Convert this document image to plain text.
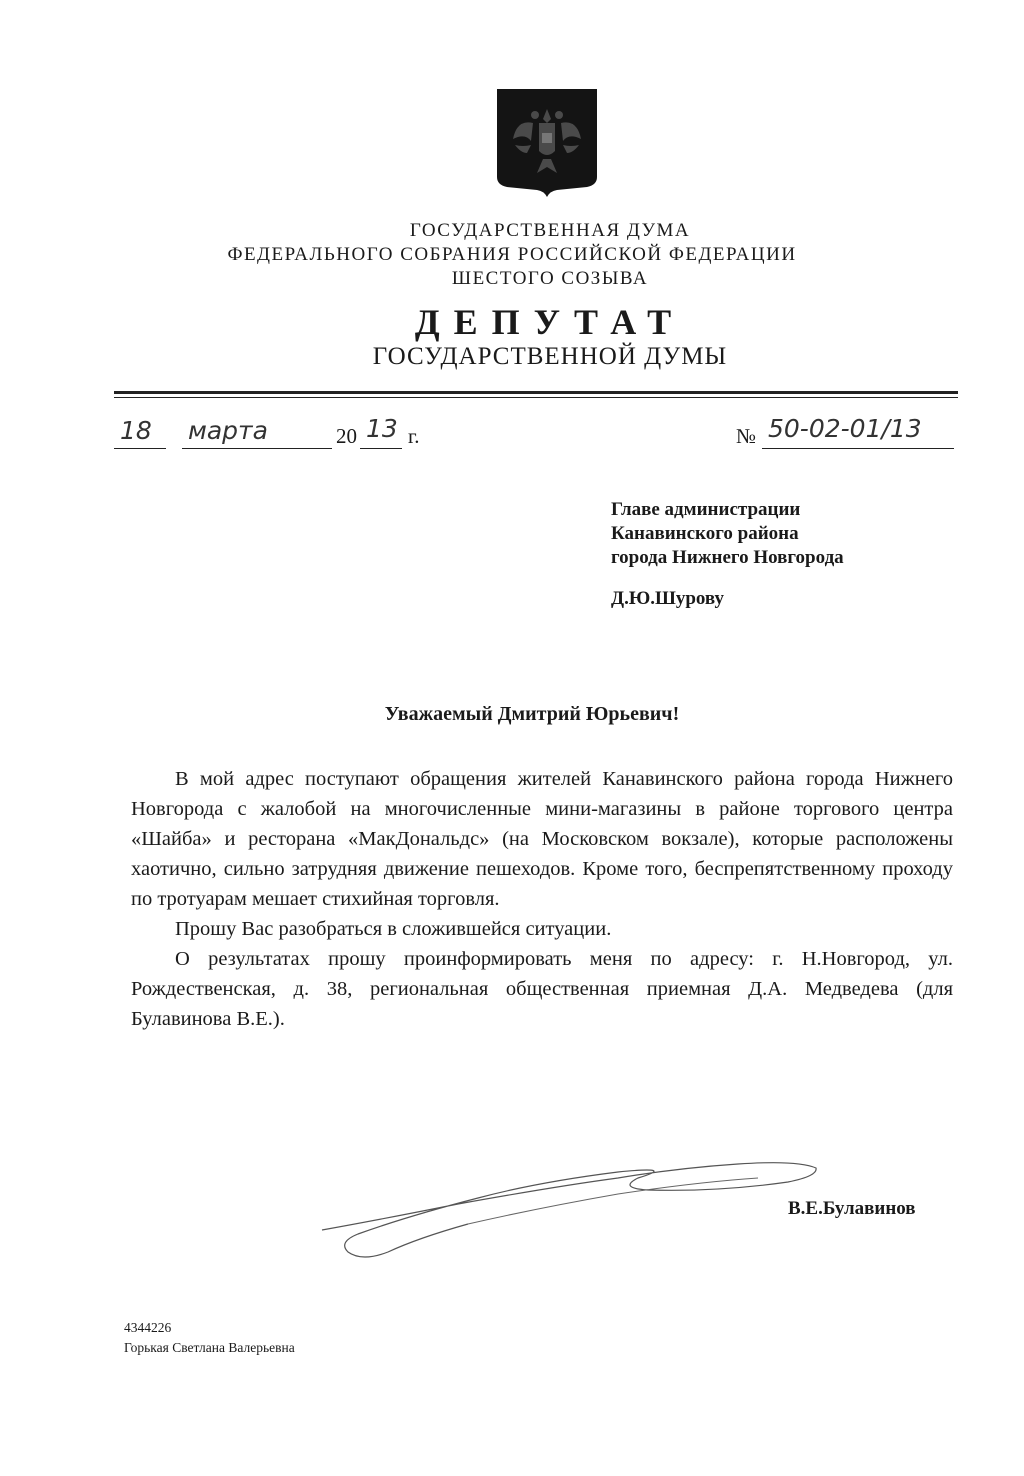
ГОСУДАРСТВЕННАЯ ДУМА
ФЕДЕРАЛЬНОГО СОБРАНИЯ РОССИЙСКОЙ ФЕДЕРАЦИИ
ШЕСТОГО СОЗЫВА
ДЕПУТАТ
ГОСУДАРСТВЕННОЙ ДУМЫ
18 марта	20 13 г.	№ 50-02-01/13
Главе администрации
Канавинского района
города Нижнего Новгорода
Д.Ю.Шурову
Уважаемый Дмитрий Юрьевич!

В мой адрес поступают обращения жителей Канавинского района города Нижнего Новгорода с жалобой на многочисленные мини-магазины в районе торгового центра «Шайба» и ресторана «МакДональдс» (на Московском вокзале), которые расположены хаотично, сильно затрудняя движение пешеходов. Кроме того, беспрепятственному проходу по тротуарам мешает стихийная торговля.

Прошу Вас разобраться в сложившейся ситуации.

О результатах прошу проинформировать меня по адресу: г. Н.Новгород, ул. Рождественская, д. 38, региональная общественная приемная Д.А. Медведева (для Булавинова В.Е.).

В.Е.Булавинов
4344226
Горькая Светлана Валерьевна
